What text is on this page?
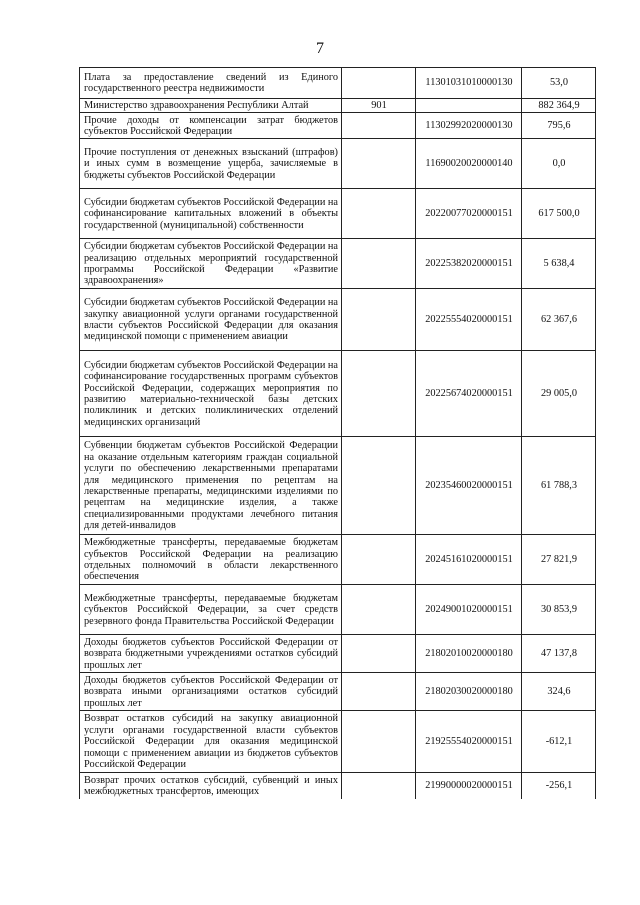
7
Плата за предоставление сведений из Единого государственного реестра недвижимости		11301031010000130	53,0
Министерство здравоохранения Республики Алтай	901		882 364,9
Прочие доходы от компенсации затрат бюджетов субъектов Российской Федерации		11302992020000130	795,6
Прочие поступления от денежных взысканий (штрафов) и иных сумм в возмещение ущерба, зачисляемые в бюджеты субъектов Российской Федерации		11690020020000140	0,0
Субсидии бюджетам субъектов Российской Федерации на софинансирование капитальных вложений в объекты государственной (муниципальной) собственности		20220077020000151	617 500,0
Субсидии бюджетам субъектов Российской Федерации на реализацию отдельных мероприятий государственной программы Российской Федерации «Развитие здравоохранения»		20225382020000151	5 638,4
Субсидии бюджетам субъектов Российской Федерации на закупку авиационной услуги органами государственной власти субъектов Российской Федерации для оказания медицинской помощи с применением авиации		20225554020000151	62 367,6
Субсидии бюджетам субъектов Российской Федерации на софинансирование государственных программ субъектов Российской Федерации, содержащих мероприятия по развитию материально-технической базы детских поликлиник и детских поликлинических отделений медицинских организаций		20225674020000151	29 005,0
Субвенции бюджетам субъектов Российской Федерации на оказание отдельным категориям граждан социальной услуги по обеспечению лекарственными препаратами для медицинского применения по рецептам на лекарственные препараты, медицинскими изделиями по рецептам на медицинские изделия, а также специализированными продуктами лечебного питания для детей-инвалидов		20235460020000151	61 788,3
Межбюджетные трансферты, передаваемые бюджетам субъектов Российской Федерации на реализацию отдельных полномочий в области лекарственного обеспечения		20245161020000151	27 821,9
Межбюджетные трансферты, передаваемые бюджетам субъектов Российской Федерации, за счет средств резервного фонда Правительства Российской Федерации		20249001020000151	30 853,9
Доходы бюджетов субъектов Российской Федерации от возврата бюджетными учреждениями остатков субсидий прошлых лет		21802010020000180	47 137,8
Доходы бюджетов субъектов Российской Федерации от возврата иными организациями остатков субсидий прошлых лет		21802030020000180	324,6
Возврат остатков субсидий на закупку авиационной услуги органами государственной власти субъектов Российской Федерации для оказания медицинской помощи с применением авиации из бюджетов субъектов Российской Федерации		21925554020000151	-612,1
Возврат прочих остатков субсидий, субвенций и иных межбюджетных трансфертов, имеющих		21990000020000151	-256,1
